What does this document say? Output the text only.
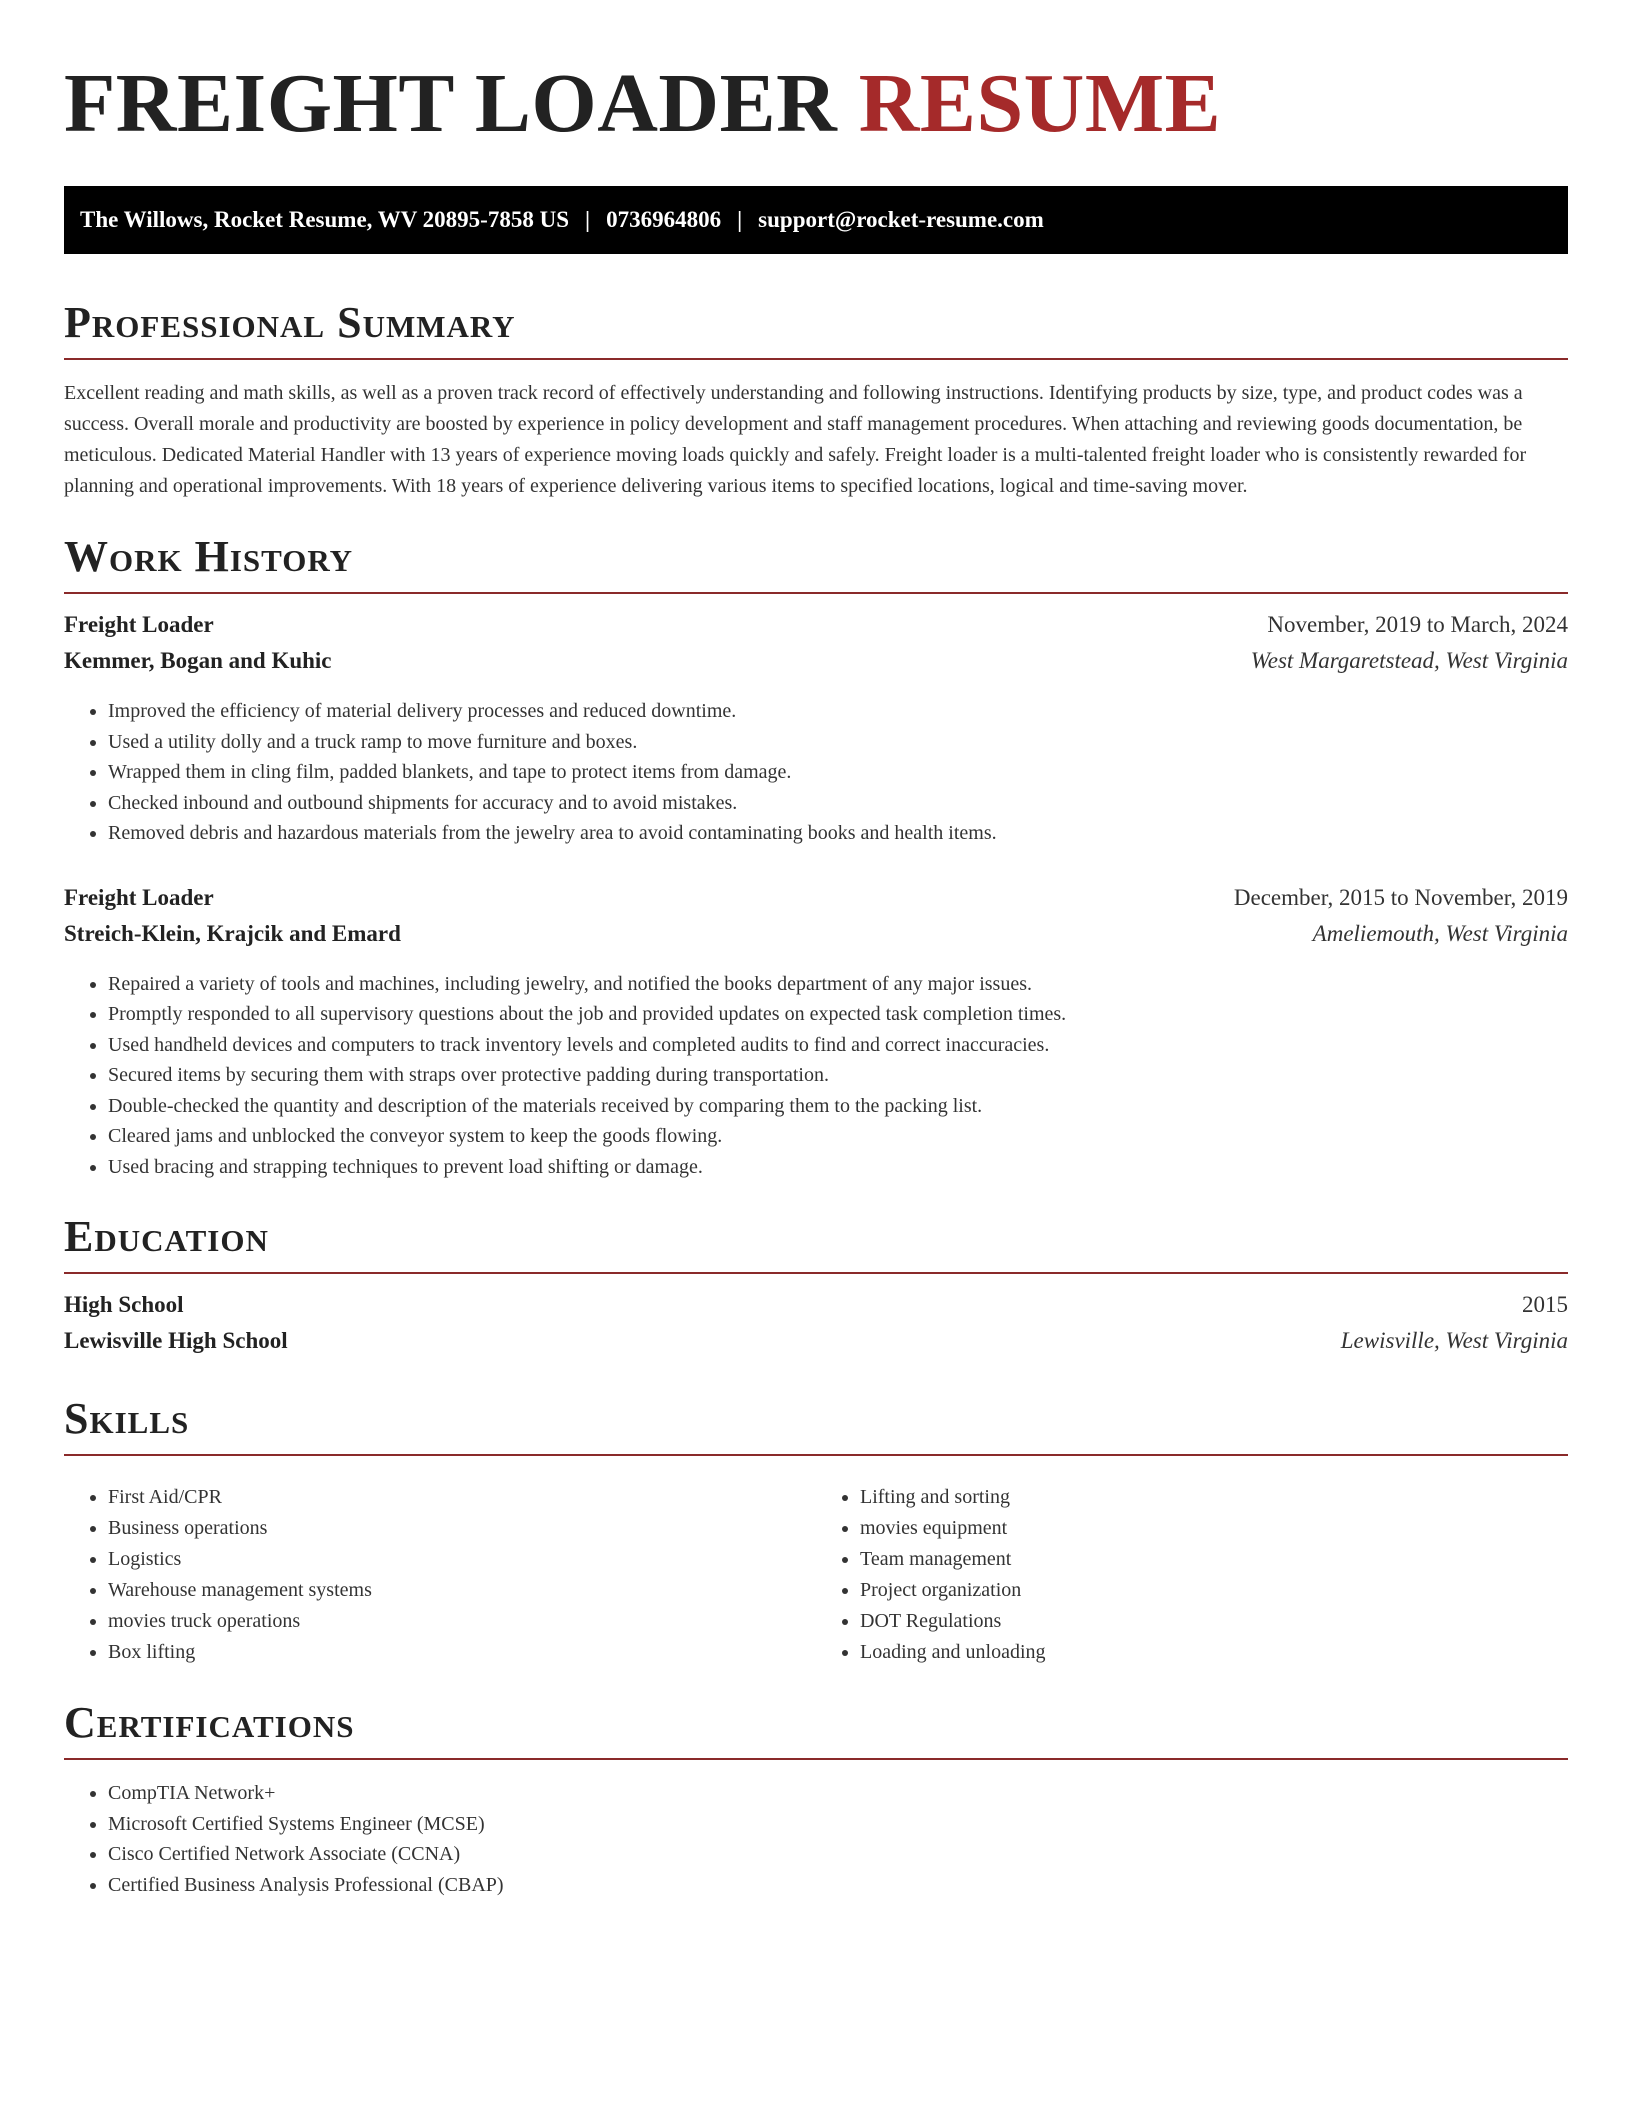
FREIGHT LOADER RESUME
The Willows, Rocket Resume, WV 20895-7858 US | 0736964806 | support@rocket-resume.com
Professional Summary

Excellent reading and math skills, as well as a proven track record of effectively understanding and following instructions. Identifying products by size, type, and product codes was a success. Overall morale and productivity are boosted by experience in policy development and staff management procedures. When attaching and reviewing goods documentation, be meticulous. Dedicated Material Handler with 13 years of experience moving loads quickly and safely. Freight loader is a multi-talented freight loader who is consistently rewarded for planning and operational improvements. With 18 years of experience delivering various items to specified locations, logical and time-saving mover.

Work History
Freight Loader	November, 2019 to March, 2024
Kemmer, Bogan and Kuhic	West Margaretstead, West Virginia
• Improved the efficiency of material delivery processes and reduced downtime.
• Used a utility dolly and a truck ramp to move furniture and boxes.
• Wrapped them in cling film, padded blankets, and tape to protect items from damage.
• Checked inbound and outbound shipments for accuracy and to avoid mistakes.
• Removed debris and hazardous materials from the jewelry area to avoid contaminating books and health items.
Freight Loader	December, 2015 to November, 2019
Streich-Klein, Krajcik and Emard	Ameliemouth, West Virginia
• Repaired a variety of tools and machines, including jewelry, and notified the books department of any major issues.
• Promptly responded to all supervisory questions about the job and provided updates on expected task completion times.
• Used handheld devices and computers to track inventory levels and completed audits to find and correct inaccuracies.
• Secured items by securing them with straps over protective padding during transportation.
• Double-checked the quantity and description of the materials received by comparing them to the packing list.
• Cleared jams and unblocked the conveyor system to keep the goods flowing.
• Used bracing and strapping techniques to prevent load shifting or damage.
Education
High School	2015
Lewisville High School	Lewisville, West Virginia
Skills
• First Aid/CPR
• Business operations
• Logistics
• Warehouse management systems
• movies truck operations
• Box lifting
• Lifting and sorting
• movies equipment
• Team management
• Project organization
• DOT Regulations
• Loading and unloading
Certifications
• CompTIA Network+
• Microsoft Certified Systems Engineer (MCSE)
• Cisco Certified Network Associate (CCNA)
• Certified Business Analysis Professional (CBAP)
